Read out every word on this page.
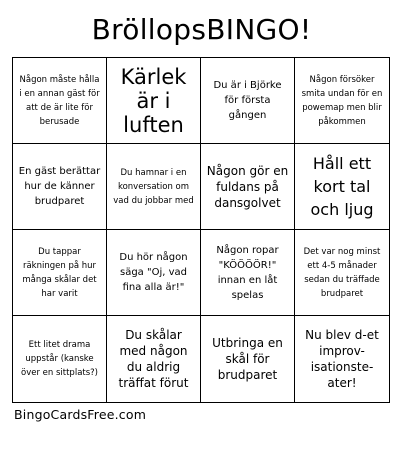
BröllopsBINGO!
Någon måste hålla i en annan gäst för att de är lite för berusade
Kärlek är i luften
Du är i Björke för första gången
Någon försöker smita undan för en powemap men blir påkommen
En gäst berättar hur de känner brudparet
Du hamnar i en konversation om vad du jobbar med
Någon gör en fuldans på dansgolvet
Håll ett kort tal och ljug
Du tappar räkningen på hur många skålar det har varit
Du hör någon säga "Oj, vad fina alla är!"
Någon ropar "KÖÖÖÖR!" innan en låt spelas
Det var nog minst ett 4-5 månader sedan du träffade brudparet
Ett litet drama uppstår (kanske över en sittplats?)
Du skålar med någon du aldrig träffat förut
Utbringa en skål för brudparet
Nu blev d-et improv-isationste-ater!
BingoCardsFree.com
